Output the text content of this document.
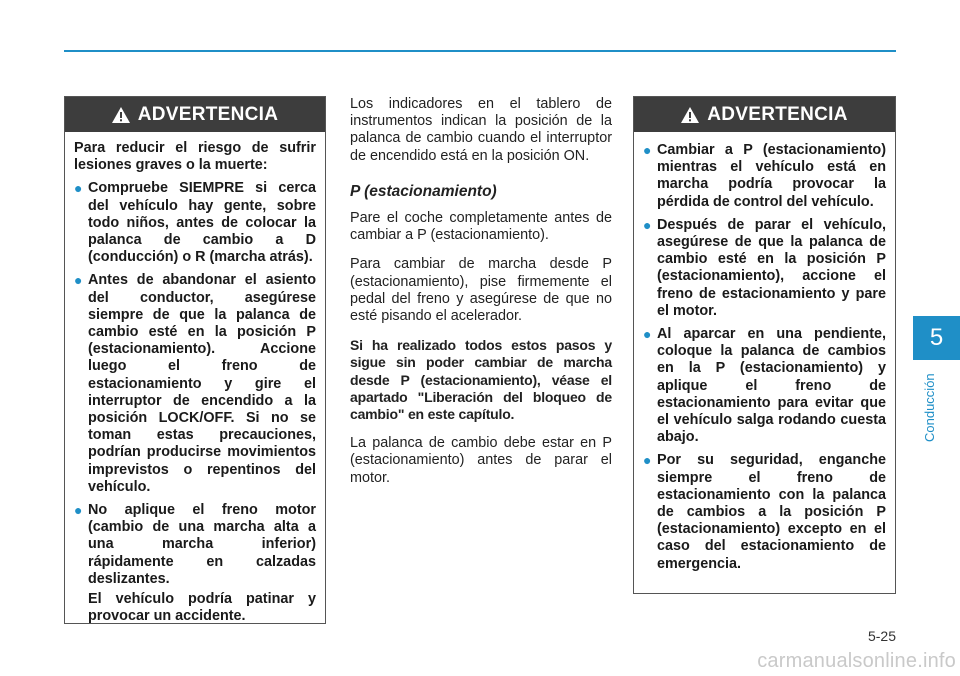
ADVERTENCIA

Para reducir el riesgo de sufrir lesiones graves o la muerte:

● Compruebe SIEMPRE si cerca del vehículo hay gente, sobre todo niños, antes de colocar la palanca de cambio a D (conducción) o R (marcha atrás).
● Antes de abandonar el asiento del conductor, asegúrese siempre de que la palanca de cambio esté en la posición P (estacionamiento). Accione luego el freno de estacionamiento y gire el interruptor de encendido a la posición LOCK/OFF. Si no se toman estas precauciones, podrían producirse movimientos imprevistos o repentinos del vehículo.
● No aplique el freno motor (cambio de una marcha alta a una marcha inferior) rápidamente en calzadas deslizantes.
El vehículo podría patinar y provocar un accidente.

Los indicadores en el tablero de instrumentos indican la posición de la palanca de cambio cuando el interruptor de encendido está en la posición ON.

P (estacionamiento)

Pare el coche completamente antes de cambiar a P (estacionamiento).

Para cambiar de marcha desde P (estacionamiento), pise firmemente el pedal del freno y asegúrese de que no esté pisando el acelerador.

Si ha realizado todos estos pasos y sigue sin poder cambiar de marcha desde P (estacionamiento), véase el apartado "Liberación del bloqueo de cambio" en este capítulo.

La palanca de cambio debe estar en P (estacionamiento) antes de parar el motor.

ADVERTENCIA
● Cambiar a P (estacionamiento) mientras el vehículo está en marcha podría provocar la pérdida de control del vehículo.
● Después de parar el vehículo, asegúrese de que la palanca de cambio esté en la posición P (estacionamiento), accione el freno de estacionamiento y pare el motor.
● Al aparcar en una pendiente, coloque la palanca de cambios en la P (estacionamiento) y aplique el freno de estacionamiento para evitar que el vehículo salga rodando cuesta abajo.
● Por su seguridad, enganche siempre el freno de estacionamiento con la palanca de cambios a la posición P (estacionamiento) excepto en el caso del estacionamiento de emergencia.
5
Conducción
5-25
carmanualsonline.info
